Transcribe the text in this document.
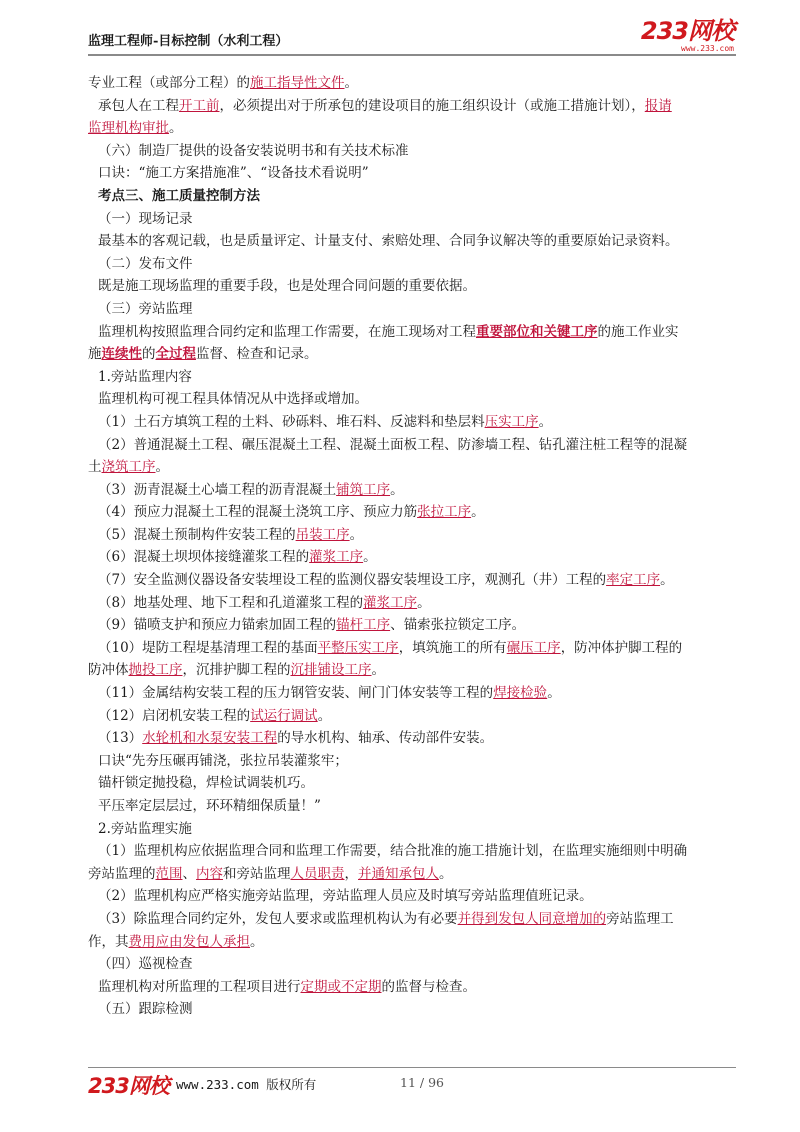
监理工程师-目标控制（水利工程）	233网校
www.233.com
专业工程（或部分工程）的施工指导性文件。
承包人在工程开工前，必须提出对于所承包的建设项目的施工组织设计（或施工措施计划），报请
监理机构审批。
（六）制造厂提供的设备安装说明书和有关技术标准
口诀：“施工方案措施准”、“设备技术看说明”
考点三、施工质量控制方法
（一）现场记录
最基本的客观记载，也是质量评定、计量支付、索赔处理、合同争议解决等的重要原始记录资料。
（二）发布文件
既是施工现场监理的重要手段，也是处理合同问题的重要依据。
（三）旁站监理
监理机构按照监理合同约定和监理工作需要，在施工现场对工程重要部位和关键工序的施工作业实
施连续性的全过程监督、检查和记录。
1.旁站监理内容
监理机构可视工程具体情况从中选择或增加。
（1）土石方填筑工程的土料、砂砾料、堆石料、反滤料和垫层料压实工序。
（2）普通混凝土工程、碾压混凝土工程、混凝土面板工程、防渗墙工程、钻孔灌注桩工程等的混凝
土浇筑工序。
（3）沥青混凝土心墙工程的沥青混凝土铺筑工序。
（4）预应力混凝土工程的混凝土浇筑工序、预应力筋张拉工序。
（5）混凝土预制构件安装工程的吊装工序。
（6）混凝土坝坝体接缝灌浆工程的灌浆工序。
（7）安全监测仪器设备安装埋设工程的监测仪器安装埋设工序，观测孔（井）工程的率定工序。
（8）地基处理、地下工程和孔道灌浆工程的灌浆工序。
（9）锚喷支护和预应力锚索加固工程的锚杆工序、锚索张拉锁定工序。
（10）堤防工程堤基清理工程的基面平整压实工序，填筑施工的所有碾压工序，防冲体护脚工程的
防冲体抛投工序，沉排护脚工程的沉排铺设工序。
（11）金属结构安装工程的压力钢管安装、闸门门体安装等工程的焊接检验。
（12）启闭机安装工程的试运行调试。
（13）水轮机和水泵安装工程的导水机构、轴承、传动部件安装。
口诀“先夯压碾再铺浇，张拉吊装灌浆牢；
锚杆锁定抛投稳，焊检试调装机巧。
平压率定层层过，环环精细保质量！”
2.旁站监理实施
（1）监理机构应依据监理合同和监理工作需要，结合批准的施工措施计划，在监理实施细则中明确
旁站监理的范围、内容和旁站监理人员职责，并通知承包人。
（2）监理机构应严格实施旁站监理，旁站监理人员应及时填写旁站监理值班记录。
（3）除监理合同约定外，发包人要求或监理机构认为有必要并得到发包人同意增加的旁站监理工
作，其费用应由发包人承担。
（四）巡视检查
监理机构对所监理的工程项目进行定期或不定期的监督与检查。
（五）跟踪检测
233网校 www.233.com 版权所有	11 / 96
